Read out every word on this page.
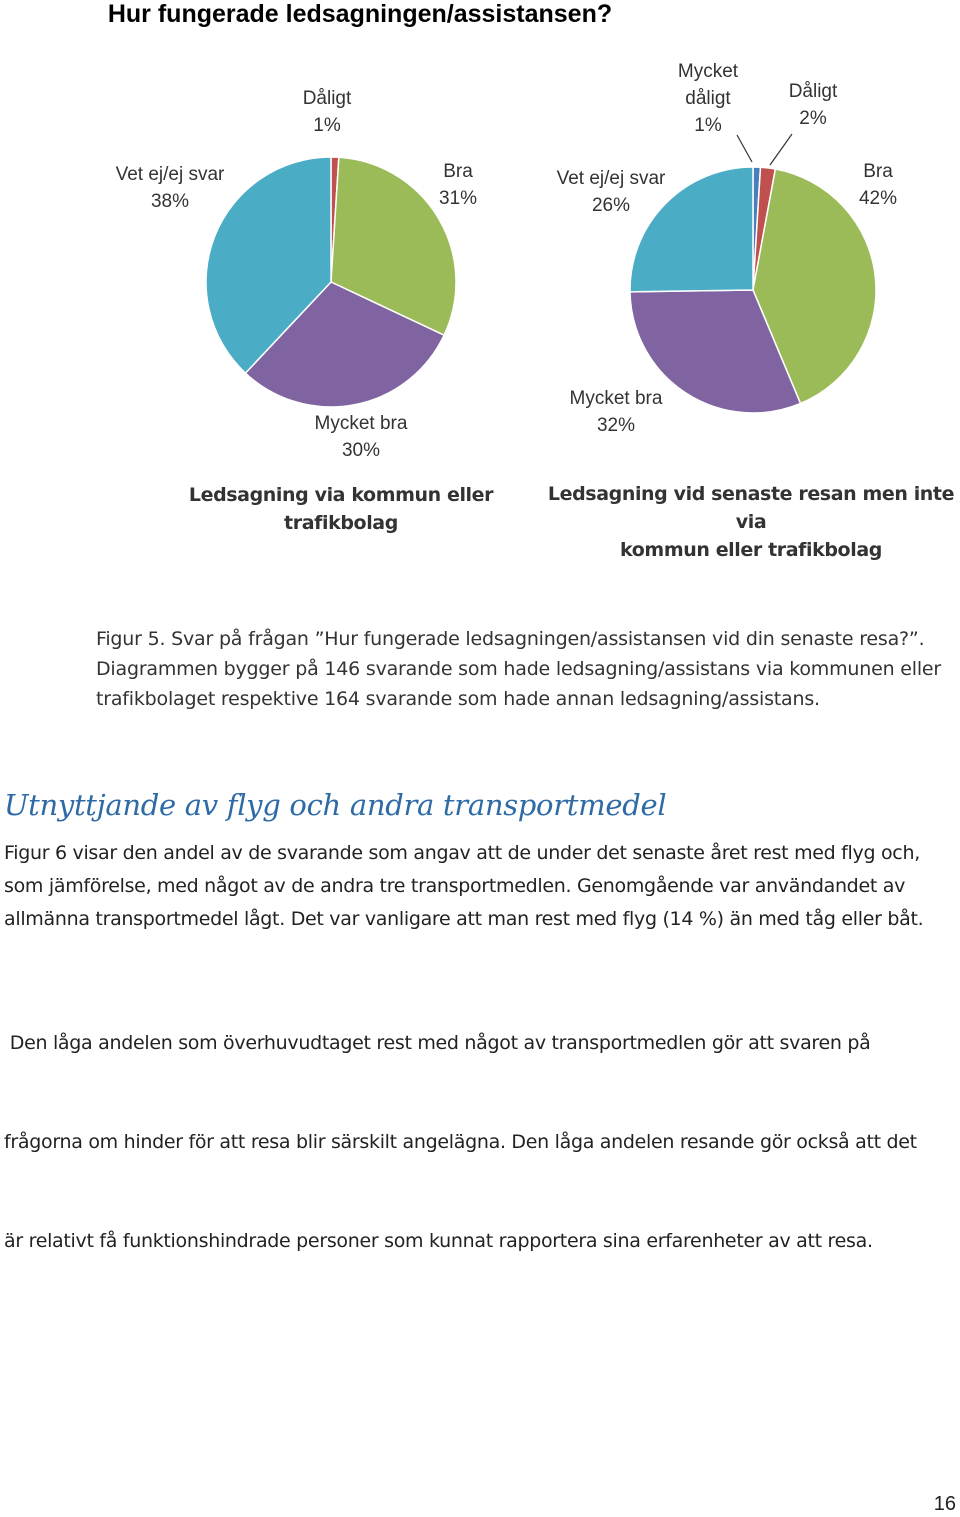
Hur fungerade ledsagningen/assistansen?
Dåligt
1%
Bra
31%
Vet ej/ej svar
38%
Mycket bra
30%
Mycket
dåligt
1%
Dåligt
2%
Bra
42%
Vet ej/ej svar
26%
Mycket bra
32%
Ledsagning via kommun eller
trafikbolag
Ledsagning vid senaste resan men inte via
kommun eller trafikbolag
Figur 5. Svar på frågan ”Hur fungerade ledsagningen/assistansen vid din senaste resa?”.
Diagrammen bygger på 146 svarande som hade ledsagning/assistans via kommunen eller
trafikbolaget respektive 164 svarande som hade annan ledsagning/assistans.
Utnyttjande av flyg och andra transportmedel
Figur 6 visar den andel av de svarande som angav att de under det senaste året rest med flyg och,
som jämförelse, med något av de andra tre transportmedlen. Genomgående var användandet av
allmänna transportmedel lågt. Det var vanligare att man rest med flyg (14 %) än med tåg eller båt.

Den låga andelen som överhuvudtaget rest med något av transportmedlen gör att svaren på

frågorna om hinder för att resa blir särskilt angelägna. Den låga andelen resande gör också att det

är relativt få funktionshindrade personer som kunnat rapportera sina erfarenheter av att resa.

16
